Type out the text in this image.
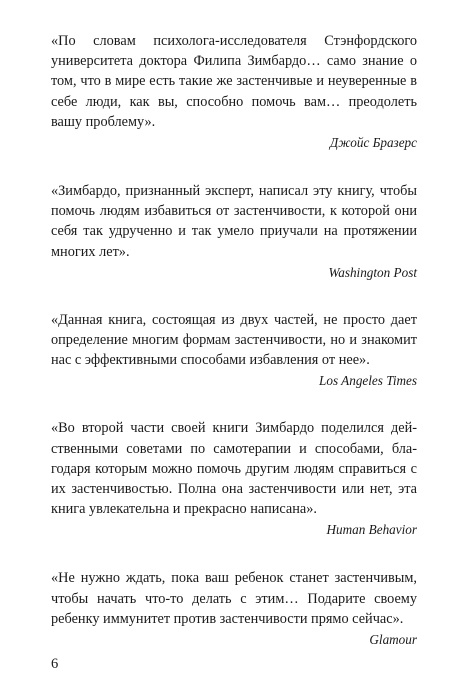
«По словам психолога-исследователя Стэнфордского университета доктора Филипа Зимбардо… само знание о том, что в мире есть такие же застенчивые и неуверенные в себе люди, как вы, способно помочь вам… преодолеть вашу проблему».

Джойс Бразерс

«Зимбардо, признанный эксперт, написал эту книгу, чтобы помочь людям избавиться от застенчивости, к которой они себя так удрученно и так умело приучали на протяжении многих лет».

Washington Post

«Данная книга, состоящая из двух частей, не просто дает определение многим формам застенчивости, но и знакомит нас с эффективными способами избавления от нее».

Los Angeles Times

«Во второй части своей книги Зимбардо поделился действенными советами по самотерапии и способами, благодаря которым можно помочь другим людям справиться с их застенчивостью. Полна она застенчивости или нет, эта книга увлекательна и прекрасно написана».

Human Behavior

«Не нужно ждать, пока ваш ребенок станет застенчивым, чтобы начать что-то делать с этим… Подарите своему ребенку иммунитет против застенчивости прямо сейчас».

Glamour

6
